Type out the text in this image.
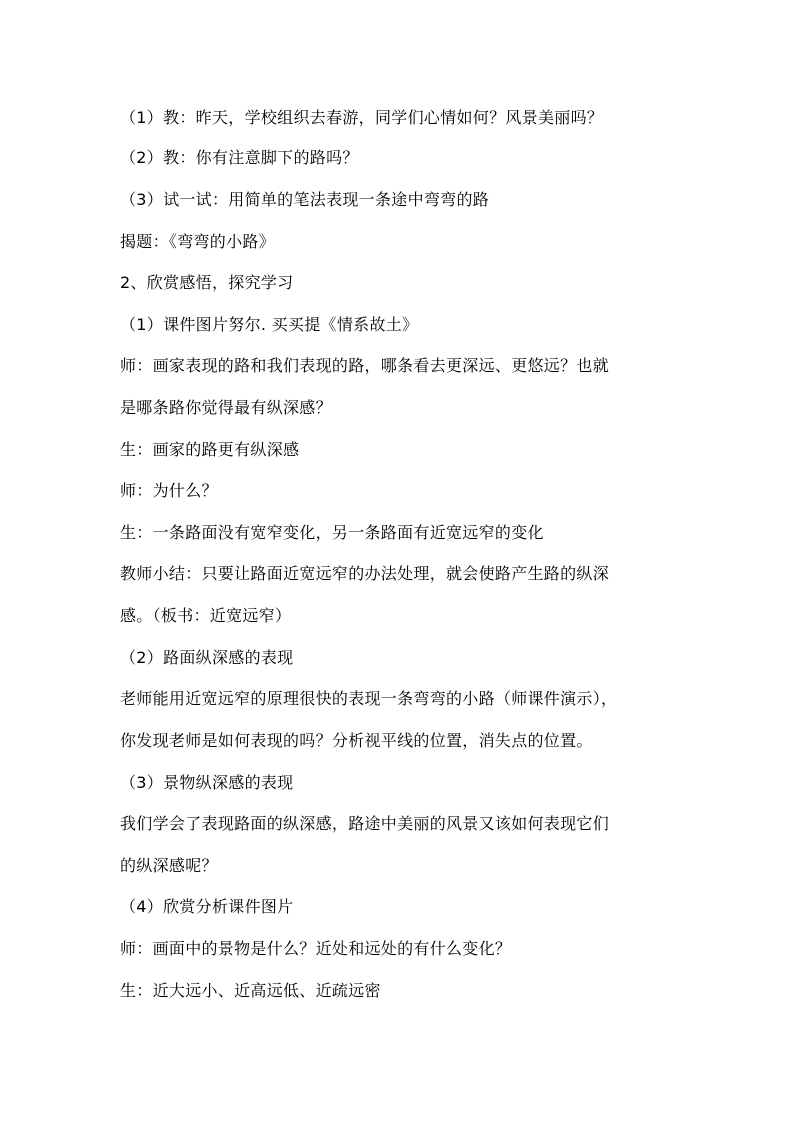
（1）教：昨天，学校组织去春游，同学们心情如何？风景美丽吗？
（2）教：你有注意脚下的路吗？
（3）试一试：用简单的笔法表现一条途中弯弯的路
揭题：《弯弯的小路》
2、欣赏感悟，探究学习
（1）课件图片努尔. 买买提《情系故土》
师：画家表现的路和我们表现的路，哪条看去更深远、更悠远？也就
是哪条路你觉得最有纵深感？
生：画家的路更有纵深感
师：为什么？
生：一条路面没有宽窄变化，另一条路面有近宽远窄的变化
教师小结：只要让路面近宽远窄的办法处理，就会使路产生路的纵深
感。（板书：近宽远窄）
（2）路面纵深感的表现
老师能用近宽远窄的原理很快的表现一条弯弯的小路（师课件演示），
你发现老师是如何表现的吗？分析视平线的位置，消失点的位置。
（3）景物纵深感的表现
我们学会了表现路面的纵深感，路途中美丽的风景又该如何表现它们
的纵深感呢？
（4）欣赏分析课件图片
师：画面中的景物是什么？近处和远处的有什么变化？
生：近大远小、近高远低、近疏远密
